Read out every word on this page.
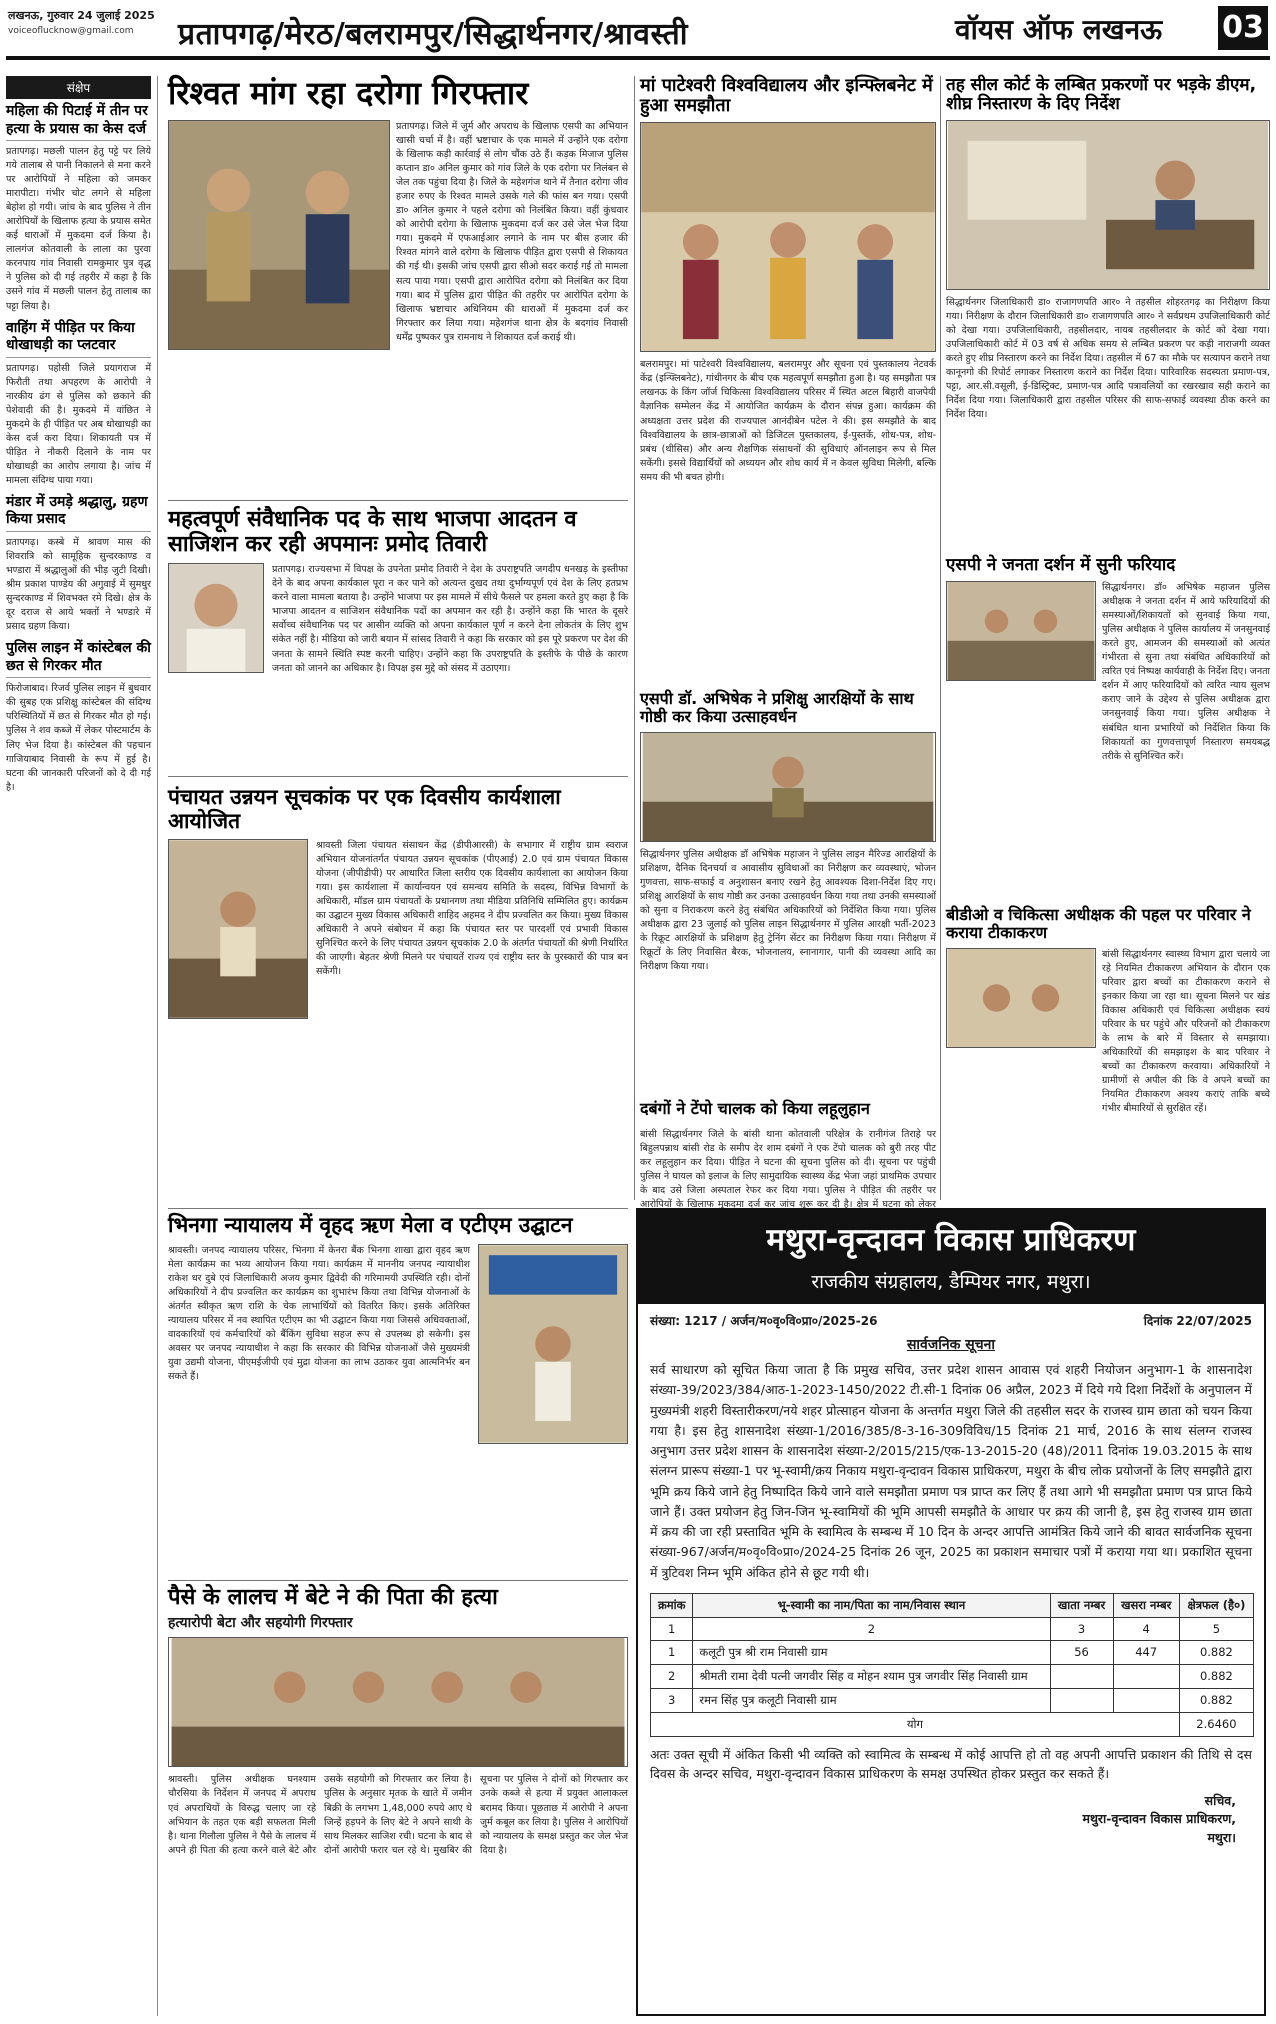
लखनऊ, गुरुवार 24 जुलाई 2025
voiceoflucknow@gmail.com प्रतापगढ़/मेरठ/बलरामपुर/सिद्धार्थनगर/श्रावस्ती	वॉयस ऑफ लखनऊ 03
संक्षेप
महिला की पिटाई में तीन पर हत्या के प्रयास का केस दर्ज
प्रतापगढ़। मछली पालन हेतु पट्टे पर लिये गये तालाब से पानी निकालने से मना करने पर आरोपियों ने महिला को जमकर मारापीटा। गंभीर चोट लगने से महिला बेहोश हो गयी। जांच के बाद पुलिस ने तीन आरोपियों के खिलाफ हत्या के प्रयास समेत कई धाराओं में मुकदमा दर्ज किया है। लालगंज कोतवाली के लाला का पुरवा करनपाय गांव निवासी रामकुमार पुत्र वृद्ध ने पुलिस को दी गई तहरीर में कहा है कि उसने गांव में मछली पालन हेतु तालाब का पट्टा लिया है।
वाहिंग में पीड़ित पर किया धोखाधड़ी का प्लटवार
प्रतापगढ़। पहोसी जिले प्रयागराज में फिरौती तथा अपहरण के आरोपी ने नारकीय ढंग से पुलिस को छकाने की पेशेवादी की है। मुकदमे में वांछित ने मुकदमे के ही पीड़ित पर अब धोखाधड़ी का केस दर्ज करा दिया। शिकायती पत्र में पीड़ित ने नौकरी दिलाने के नाम पर धोखाधड़ी का आरोप लगाया है। जांच में मामला संदिग्ध पाया गया।
मंडार में उमड़े श्रद्धालु, ग्रहण किया प्रसाद
प्रतापगढ़। कस्बे में श्रावण मास की शिवरात्रि को सामूहिक सुन्दरकाण्ड व भण्डारा में श्रद्धालुओं की भीड़ जुटी दिखी। श्रीम प्रकाश पाण्डेय की अगुवाई में सुमधुर सुन्दरकाण्ड में शिवभक्त रमे दिखे। क्षेत्र के दूर दराज से आये भक्तों ने भण्डारे में प्रसाद ग्रहण किया।
पुलिस लाइन में कांस्टेबल की छत से गिरकर मौत
फिरोजाबाद। रिजर्व पुलिस लाइन में बुधवार की सुबह एक प्रशिक्षु कांस्टेबल की संदिग्ध परिस्थितियों में छत से गिरकर मौत हो गई। पुलिस ने शव कब्जे में लेकर पोस्टमार्टम के लिए भेज दिया है। कांस्टेबल की पहचान गाजियाबाद निवासी के रूप में हुई है। घटना की जानकारी परिजनों को दे दी गई है।
रिश्वत मांग रहा दरोगा गिरफ्तार
प्रतापगढ़। जिले में जुर्म और अपराध के खिलाफ एसपी का अभियान खासी चर्चा में है। वहीं भ्रष्टाचार के एक मामले में उन्होंने एक दरोगा के खिलाफ कड़ी कार्रवाई से लोग चौंक उठे हैं। कड़क मिजाज पुलिस कप्तान डा० अनिल कुमार को गांव जिले के एक दरोगा पर निलंबन से जेल तक पहुंचा दिया है। जिले के महेशगंज थाने में तैनात दरोगा जीव हजार रुपए के रिश्वत मामले उसके गले की फांस बन गया। एसपी डा० अनिल कुमार ने पहले दरोगा को निलंबित किया। वहीं कुंधवार को आरोपी दरोगा के खिलाफ मुकदमा दर्ज कर उसे जेल भेज दिया गया। मुकदमे में एफआईआर लगाने के नाम पर बीस हजार की रिश्वत मांगने वाले दरोगा के खिलाफ पीड़ित द्वारा एसपी से शिकायत की गई थी। इसकी जांच एसपी द्वारा सीओ सदर कराई गई तो मामला सत्य पाया गया। एसपी द्वारा आरोपित दरोगा को निलंबित कर दिया गया। बाद में पुलिस द्वारा पीड़ित की तहरीर पर आरोपित दरोगा के खिलाफ भ्रष्टाचार अधिनियम की धाराओं में मुकदमा दर्ज कर गिरफ्तार कर लिया गया। महेशगंज थाना क्षेत्र के बदगांव निवासी धर्मेंद्र पुष्पकर पुत्र रामनाथ ने शिकायत दर्ज कराई थी।
मां पाटेश्वरी विश्वविद्यालय और इन्फ्लिबनेट में हुआ समझौता
बलरामपुर। मां पाटेश्वरी विश्वविद्यालय, बलरामपुर और सूचना एवं पुस्तकालय नेटवर्क केंद्र (इन्फ्लिबनेट), गांधीनगर के बीच एक महत्वपूर्ण समझौता हुआ है। यह समझौता पत्र लखनऊ के किंग जॉर्ज चिकित्सा विश्वविद्यालय परिसर में स्थित अटल बिहारी वाजपेयी वैज्ञानिक सम्मेलन केंद्र में आयोजित कार्यक्रम के दौरान संपन्न हुआ। कार्यक्रम की अध्यक्षता उत्तर प्रदेश की राज्यपाल आनंदीबेन पटेल ने की। इस समझौते के बाद विश्वविद्यालय के छात्र-छात्राओं को डिजिटल पुस्तकालय, ई-पुस्तकें, शोध-पत्र, शोध-प्रबंध (थीसिस) और अन्य शैक्षणिक संसाधनों की सुविधाएं ऑनलाइन रूप से मिल सकेंगी। इससे विद्यार्थियों को अध्ययन और शोध कार्य में न केवल सुविधा मिलेगी, बल्कि समय की भी बचत होगी।
तह सील कोर्ट के लम्बित प्रकरणों पर भड़के डीएम, शीघ्र निस्तारण के दिए निर्देश
सिद्धार्थनगर जिलाधिकारी डा० राजागणपति आर० ने तहसील शोहरतगढ़ का निरीक्षण किया गया। निरीक्षण के दौरान जिलाधिकारी डा० राजागणपति आर० ने सर्वप्रथम उपजिलाधिकारी कोर्ट को देखा गया। उपजिलाधिकारी, तहसीलदार, नायब तहसीलदार के कोर्ट को देखा गया। उपजिलाधिकारी कोर्ट में 03 वर्ष से अधिक समय से लम्बित प्रकरण पर कड़ी नाराजगी व्यक्त करते हुए शीघ्र निस्तारण करने का निर्देश दिया। तहसील में 67 का मौके पर सत्यापन कराने तथा कानूनगो की रिपोर्ट लगाकर निस्तारण कराने का निर्देश दिया। पारिवारिक सदस्यता प्रमाण-पत्र, पट्टा, आर.सी.वसूली, ई-डिस्ट्रिक्ट, प्रमाण-पत्र आदि पत्रावलियों का रखरखाव सही कराने का निर्देश दिया गया। जिलाधिकारी द्वारा तहसील परिसर की साफ-सफाई व्यवस्था ठीक करने का निर्देश दिया।
महत्वपूर्ण संवैधानिक पद के साथ भाजपा आदतन व साजिशन कर रही अपमानः प्रमोद तिवारी
प्रतापगढ़। राज्यसभा में विपक्ष के उपनेता प्रमोद तिवारी ने देश के उपराष्ट्रपति जगदीप धनखड़ के इस्तीफा देने के बाद अपना कार्यकाल पूरा न कर पाने को अत्यन्त दुखद तथा दुर्भाग्यपूर्ण एवं देश के लिए हतप्रभ करने वाला मामला बताया है। उन्होंने भाजपा पर इस मामले में सीधे फैसले पर हमला करते हुए कहा है कि भाजपा आदतन व साजिशन संवैधानिक पदों का अपमान कर रही है। उन्होंने कहा कि भारत के दूसरे सर्वोच्च संवैधानिक पद पर आसीन व्यक्ति को अपना कार्यकाल पूर्ण न करने देना लोकतंत्र के लिए शुभ संकेत नहीं है। मीडिया को जारी बयान में सांसद तिवारी ने कहा कि सरकार को इस पूरे प्रकरण पर देश की जनता के सामने स्थिति स्पष्ट करनी चाहिए। उन्होंने कहा कि उपराष्ट्रपति के इस्तीफे के पीछे के कारण जनता को जानने का अधिकार है। विपक्ष इस मुद्दे को संसद में उठाएगा।
एसपी डॉ. अभिषेक ने प्रशिक्षु आरक्षियों के साथ गोष्ठी कर किया उत्साहवर्धन
सिद्धार्थनगर पुलिस अधीक्षक डॉ अभिषेक महाजन ने पुलिस लाइन मैरिज्ड आरक्षियों के प्रशिक्षण, दैनिक दिनचर्या व आवासीय सुविधाओं का निरीक्षण कर व्यवस्थाएं, भोजन गुणवत्ता, साफ-सफाई व अनुशासन बनाए रखने हेतु आवश्यक दिशा-निर्देश दिए गए। प्रशिक्षु आरक्षियों के साथ गोष्ठी कर उनका उत्साहवर्धन किया गया तथा उनकी समस्याओं को सुना व निराकरण करने हेतु संबंधित अधिकारियों को निर्देशित किया गया। पुलिस अधीक्षक द्वारा 23 जुलाई को पुलिस लाइन सिद्धार्थनगर में पुलिस आरक्षी भर्ती-2023 के रिक्रूट आरक्षियों के प्रशिक्षण हेतु ट्रेनिंग सेंटर का निरीक्षण किया गया। निरीक्षण में रिक्रूटों के लिए निवासित बैरक, भोजनालय, स्नानागार, पानी की व्यवस्था आदि का निरीक्षण किया गया।
एसपी ने जनता दर्शन में सुनी फरियाद
सिद्धार्थनगर। डॉ० अभिषेक महाजन पुलिस अधीक्षक ने जनता दर्शन में आये फरियादियों की समस्याओं/शिकायतों को सुनवाई किया गया, पुलिस अधीक्षक ने पुलिस कार्यालय में जनसुनवाई करते हुए, आमजन की समस्याओं को अत्यंत गंभीरता से सुना तथा संबंधित अधिकारियों को त्वरित एवं निष्पक्ष कार्यवाही के निर्देश दिए। जनता दर्शन में आए फरियादियों को त्वरित न्याय सुलभ कराए जाने के उद्देश्य से पुलिस अधीक्षक द्वारा जनसुनवाई किया गया। पुलिस अधीक्षक ने संबंधित थाना प्रभारियों को निर्देशित किया कि शिकायतों का गुणवत्तापूर्ण निस्तारण समयबद्ध तरीके से सुनिश्चित करें।
पंचायत उन्नयन सूचकांक पर एक दिवसीय कार्यशाला आयोजित
श्रावस्ती जिला पंचायत संसाधन केंद्र (डीपीआरसी) के सभागार में राष्ट्रीय ग्राम स्वराज अभियान योजनांतर्गत पंचायत उन्नयन सूचकांक (पीएआई) 2.0 एवं ग्राम पंचायत विकास योजना (जीपीडीपी) पर आधारित जिला स्तरीय एक दिवसीय कार्यशाला का आयोजन किया गया। इस कार्यशाला में कार्यान्वयन एवं समन्वय समिति के सदस्य, विभिन्न विभागों के अधिकारी, मॉडल ग्राम पंचायतों के प्रधानगण तथा मीडिया प्रतिनिधि सम्मिलित हुए। कार्यक्रम का उद्घाटन मुख्य विकास अधिकारी शाहिद अहमद ने दीप प्रज्वलित कर किया। मुख्य विकास अधिकारी ने अपने संबोधन में कहा कि पंचायत स्तर पर पारदर्शी एवं प्रभावी विकास सुनिश्चित करने के लिए पंचायत उन्नयन सूचकांक 2.0 के अंतर्गत पंचायतों की श्रेणी निर्धारित की जाएगी। बेहतर श्रेणी मिलने पर पंचायतें राज्य एवं राष्ट्रीय स्तर के पुरस्कारों की पात्र बन सकेंगी।
दबंगों ने टेंपो चालक को किया लहूलुहान
बांसी सिद्धार्थनगर जिले के बांसी थाना कोतवाली परिक्षेत्र के रानीगंज तिराहे पर बिहुलपन्नाथ बांसी रोड के समीप देर शाम दबंगों ने एक टेंपो चालक को बुरी तरह पीट कर लहूलुहान कर दिया। पीड़ित ने घटना की सूचना पुलिस को दी। सूचना पर पहुंची पुलिस ने घायल को इलाज के लिए सामुदायिक स्वास्थ्य केंद्र भेजा जहां प्राथमिक उपचार के बाद उसे जिला अस्पताल रेफर कर दिया गया। पुलिस ने पीड़ित की तहरीर पर आरोपियों के खिलाफ मुकदमा दर्ज कर जांच शुरू कर दी है। क्षेत्र में घटना को लेकर
बीडीओ व चिकित्सा अधीक्षक की पहल पर परिवार ने कराया टीकाकरण
बांसी सिद्धार्थनगर स्वास्थ्य विभाग द्वारा चलाये जा रहे नियमित टीकाकरण अभियान के दौरान एक परिवार द्वारा बच्चों का टीकाकरण कराने से इनकार किया जा रहा था। सूचना मिलने पर खंड विकास अधिकारी एवं चिकित्सा अधीक्षक स्वयं परिवार के घर पहुंचे और परिजनों को टीकाकरण के लाभ के बारे में विस्तार से समझाया। अधिकारियों की समझाइश के बाद परिवार ने बच्चों का टीकाकरण करवाया। अधिकारियों ने ग्रामीणों से अपील की कि वे अपने बच्चों का नियमित टीकाकरण अवश्य कराएं ताकि बच्चे गंभीर बीमारियों से सुरक्षित रहें।
भिनगा न्यायालय में वृहद ऋण मेला व एटीएम उद्घाटन
श्रावस्ती। जनपद न्यायालय परिसर, भिनगा में केनरा बैंक भिनगा शाखा द्वारा वृहद ऋण मेला कार्यक्रम का भव्य आयोजन किया गया। कार्यक्रम में माननीय जनपद न्यायाधीश राकेश धर दुबे एवं जिलाधिकारी अजय कुमार द्विवेदी की गरिमामयी उपस्थिति रही। दोनों अधिकारियों ने दीप प्रज्वलित कर कार्यक्रम का शुभारंभ किया तथा विभिन्न योजनाओं के अंतर्गत स्वीकृत ऋण राशि के चेक लाभार्थियों को वितरित किए। इसके अतिरिक्त न्यायालय परिसर में नव स्थापित एटीएम का भी उद्घाटन किया गया जिससे अधिवक्ताओं, वादकारियों एवं कर्मचारियों को बैंकिंग सुविधा सहज रूप से उपलब्ध हो सकेगी। इस अवसर पर जनपद न्यायाधीश ने कहा कि सरकार की विभिन्न योजनाओं जैसे मुख्यमंत्री युवा उद्यमी योजना, पीएमईजीपी एवं मुद्रा योजना का लाभ उठाकर युवा आत्मनिर्भर बन सकते हैं।
पैसे के लालच में बेटे ने की पिता की हत्या
हत्यारोपी बेटा और सहयोगी गिरफ्तार
श्रावस्ती। पुलिस अधीक्षक घनश्याम चौरसिया के निर्देशन में जनपद में अपराध एवं अपराधियों के विरुद्ध चलाए जा रहे अभियान के तहत एक बड़ी सफलता मिली है। थाना गिलौला पुलिस ने पैसे के लालच में अपने ही पिता की हत्या करने वाले बेटे और उसके सहयोगी को गिरफ्तार कर लिया है। पुलिस के अनुसार मृतक के खाते में जमीन बिक्री के लगभग 1,48,000 रुपये आए थे जिन्हें हड़पने के लिए बेटे ने अपने साथी के साथ मिलकर साजिश रची। घटना के बाद से दोनों आरोपी फरार चल रहे थे। मुखबिर की सूचना पर पुलिस ने दोनों को गिरफ्तार कर उनके कब्जे से हत्या में प्रयुक्त आलाकत्ल बरामद किया। पूछताछ में आरोपी ने अपना जुर्म कबूल कर लिया है। पुलिस ने आरोपियों को न्यायालय के समक्ष प्रस्तुत कर जेल भेज दिया है।
मथुरा-वृन्दावन विकास प्राधिकरण
राजकीय संग्रहालय, डैम्पियर नगर, मथुरा।
संख्या: 1217 / अर्जन/म०वृ०वि०प्रा०/2025-26	दिनांक 22/07/2025
सार्वजनिक सूचना
सर्व साधारण को सूचित किया जाता है कि प्रमुख सचिव, उत्तर प्रदेश शासन आवास एवं शहरी नियोजन अनुभाग-1 के शासनादेश संख्या-39/2023/384/आठ-1-2023-1450/2022 टी.सी-1 दिनांक 06 अप्रैल, 2023 में दिये गये दिशा निर्देशों के अनुपालन में मुख्यमंत्री शहरी विस्तारीकरण/नये शहर प्रोत्साहन योजना के अन्तर्गत मथुरा जिले की तहसील सदर के राजस्व ग्राम छाता को चयन किया गया है। इस हेतु शासनादेश संख्या-1/2016/385/8-3-16-309विविध/15 दिनांक 21 मार्च, 2016 के साथ संलग्न राजस्व अनुभाग उत्तर प्रदेश शासन के शासनादेश संख्या-2/2015/215/एक-13-2015-20 (48)/2011 दिनांक 19.03.2015 के साथ संलग्न प्रारूप संख्या-1 पर भू-स्वामी/क्रय निकाय मथुरा-वृन्दावन विकास प्राधिकरण, मथुरा के बीच लोक प्रयोजनों के लिए समझौते द्वारा भूमि क्रय किये जाने हेतु निष्पादित किये जाने वाले समझौता प्रमाण पत्र प्राप्त कर लिए हैं तथा आगे भी समझौता प्रमाण पत्र प्राप्त किये जाने हैं। उक्त प्रयोजन हेतु जिन-जिन भू-स्वामियों की भूमि आपसी समझौते के आधार पर क्रय की जानी है, इस हेतु राजस्व ग्राम छाता में क्रय की जा रही प्रस्तावित भूमि के स्वामित्व के सम्बन्ध में 10 दिन के अन्दर आपत्ति आमंत्रित किये जाने की बावत सार्वजनिक सूचना संख्या-967/अर्जन/म०वृ०वि०प्रा०/2024-25 दिनांक 26 जून, 2025 का प्रकाशन समाचार पत्रों में कराया गया था। प्रकाशित सूचना में त्रुटिवश निम्न भूमि अंकित होने से छूट गयी थी।
क्रमांक	भू-स्वामी का नाम/पिता का नाम/निवास स्थान	खाता नम्बर	खसरा नम्बर	क्षेत्रफल (है०)
1	2	3	4	5
1	कलूटी पुत्र श्री राम निवासी ग्राम	56	447	0.882
2	श्रीमती रामा देवी पत्नी जगवीर सिंह व मोहन श्याम पुत्र जगवीर सिंह निवासी ग्राम			0.882
3	रमन सिंह पुत्र कलूटी निवासी ग्राम			0.882
योग				2.6460
अतः उक्त सूची में अंकित किसी भी व्यक्ति को स्वामित्व के सम्बन्ध में कोई आपत्ति हो तो वह अपनी आपत्ति प्रकाशन की तिथि से दस दिवस के अन्दर सचिव, मथुरा-वृन्दावन विकास प्राधिकरण के समक्ष उपस्थित होकर प्रस्तुत कर सकते हैं।
सचिव,
मथुरा-वृन्दावन विकास प्राधिकरण,
मथुरा।
